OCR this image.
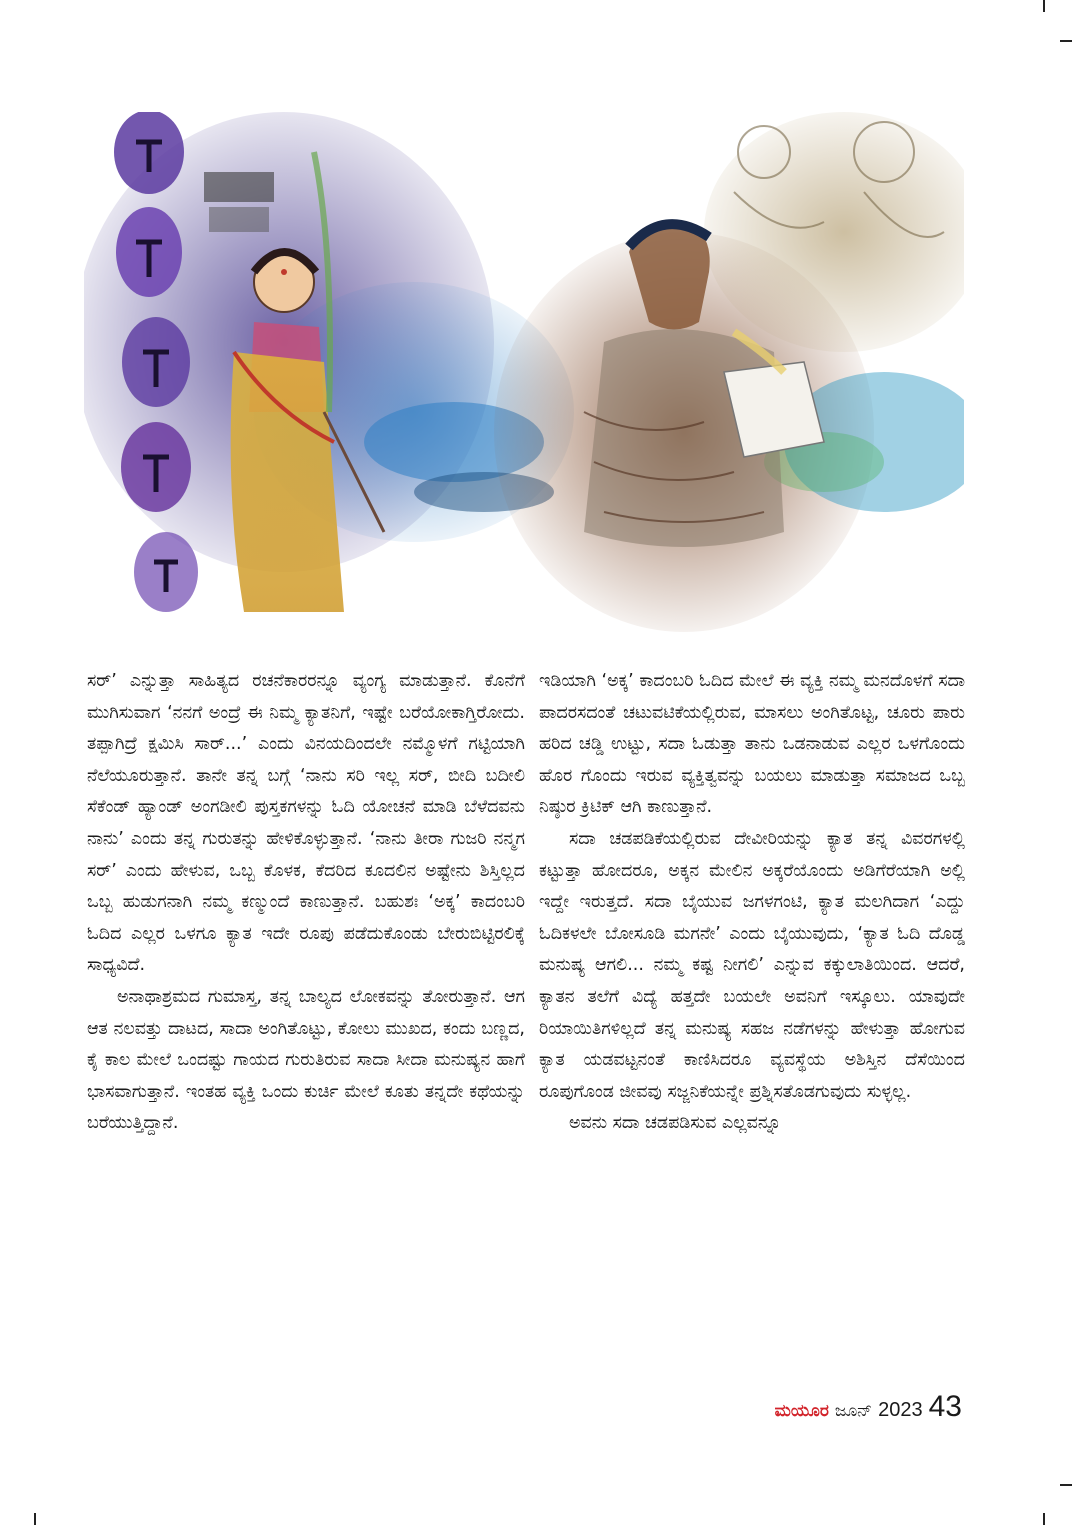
ಸರ್’ ಎನ್ನುತ್ತಾ ಸಾಹಿತ್ಯದ ರಚನೆಕಾರರನ್ನೂ ವ್ಯಂಗ್ಯ ಮಾಡುತ್ತಾನೆ. ಕೊನೆಗೆ ಮುಗಿಸುವಾಗ ‘ನನಗೆ ಅಂದ್ರೆ ಈ ನಿಮ್ಮ ಕ್ಯಾತನಿಗೆ, ಇಷ್ಟೇ ಬರೆಯೋಕಾಗ್ತಿರೋದು. ತಪ್ಪಾಗಿದ್ರೆ ಕ್ಷಮಿಸಿ ಸಾರ್...’ ಎಂದು ವಿನಯದಿಂದಲೇ ನಮ್ಮೊಳಗೆ ಗಟ್ಟಿಯಾಗಿ ನೆಲೆಯೂರುತ್ತಾನೆ. ತಾನೇ ತನ್ನ ಬಗ್ಗೆ ‘ನಾನು ಸರಿ ಇಲ್ಲ ಸರ್, ಬೀದಿ ಬದೀಲಿ ಸೆಕೆಂಡ್ ಹ್ಯಾಂಡ್ ಅಂಗಡೀಲಿ ಪುಸ್ತಕಗಳನ್ನು ಓದಿ ಯೋಚನೆ ಮಾಡಿ ಬೆಳೆದವನು ನಾನು’ ಎಂದು ತನ್ನ ಗುರುತನ್ನು ಹೇಳಿಕೊಳ್ಳುತ್ತಾನೆ. ‘ನಾನು ತೀರಾ ಗುಜರಿ ನನ್ಮಗ ಸರ್’ ಎಂದು ಹೇಳುವ, ಒಬ್ಬ ಕೊಳಕ, ಕೆದರಿದ ಕೂದಲಿನ ಅಷ್ಟೇನು ಶಿಸ್ತಿಲ್ಲದ ಒಬ್ಬ ಹುಡುಗನಾಗಿ ನಮ್ಮ ಕಣ್ಮುಂದೆ ಕಾಣುತ್ತಾನೆ. ಬಹುಶಃ ‘ಅಕ್ಕ’ ಕಾದಂಬರಿ ಓದಿದ ಎಲ್ಲರ ಒಳಗೂ ಕ್ಯಾತ ಇದೇ ರೂಪು ಪಡೆದುಕೊಂಡು ಬೇರುಬಿಟ್ಟಿರಲಿಕ್ಕೆ ಸಾಧ್ಯವಿದೆ.

ಅನಾಥಾಶ್ರಮದ ಗುಮಾಸ್ತ, ತನ್ನ ಬಾಲ್ಯದ ಲೋಕವನ್ನು ತೋರುತ್ತಾನೆ. ಆಗ ಆತ ನಲವತ್ತು ದಾಟದ, ಸಾದಾ ಅಂಗಿತೊಟ್ಟು, ಕೋಲು ಮುಖದ, ಕಂದು ಬಣ್ಣದ, ಕೈ ಕಾಲ ಮೇಲೆ ಒಂದಷ್ಟು ಗಾಯದ ಗುರುತಿರುವ ಸಾದಾ ಸೀದಾ ಮನುಷ್ಯನ ಹಾಗೆ ಭಾಸವಾಗುತ್ತಾನೆ. ಇಂತಹ ವ್ಯಕ್ತಿ ಒಂದು ಕುರ್ಚಿ ಮೇಲೆ ಕೂತು ತನ್ನದೇ ಕಥೆಯನ್ನು ಬರೆಯುತ್ತಿದ್ದಾನೆ.

ಇಡಿಯಾಗಿ ‘ಅಕ್ಕ’ ಕಾದಂಬರಿ ಓದಿದ ಮೇಲೆ ಈ ವ್ಯಕ್ತಿ ನಮ್ಮ ಮನದೊಳಗೆ ಸದಾ ಪಾದರಸದಂತೆ ಚಟುವಟಿಕೆಯಲ್ಲಿರುವ, ಮಾಸಲು ಅಂಗಿತೊಟ್ಟ, ಚೂರು ಪಾರು ಹರಿದ ಚಡ್ಡಿ ಉಟ್ಟು, ಸದಾ ಓಡುತ್ತಾ ತಾನು ಒಡನಾಡುವ ಎಲ್ಲರ ಒಳಗೊಂದು ಹೊರ ಗೊಂದು ಇರುವ ವ್ಯಕ್ತಿತ್ವವನ್ನು ಬಯಲು ಮಾಡುತ್ತಾ ಸಮಾಜದ ಒಬ್ಬ ನಿಷ್ಠುರ ಕ್ರಿಟಿಕ್ ಆಗಿ ಕಾಣುತ್ತಾನೆ.

ಸದಾ ಚಡಪಡಿಕೆಯಲ್ಲಿರುವ ದೇವೀರಿಯನ್ನು ಕ್ಯಾತ ತನ್ನ ವಿವರಗಳಲ್ಲಿ ಕಟ್ಟುತ್ತಾ ಹೋದರೂ, ಅಕ್ಕನ ಮೇಲಿನ ಅಕ್ಕರೆಯೊಂದು ಅಡಿಗೆರೆಯಾಗಿ ಅಲ್ಲಿ ಇದ್ದೇ ಇರುತ್ತದೆ. ಸದಾ ಬೈಯುವ ಜಗಳಗಂಟಿ, ಕ್ಯಾತ ಮಲಗಿದಾಗ ‘ಎದ್ದು ಓದಿಕಳಲೇ ಬೋಸೂಡಿ ಮಗನೇ’ ಎಂದು ಬೈಯುವುದು, ‘ಕ್ಯಾತ ಓದಿ ದೊಡ್ಡ ಮನುಷ್ಯ ಆಗಲಿ... ನಮ್ಮ ಕಷ್ಟ ನೀಗಲಿ’ ಎನ್ನುವ ಕಕ್ಕುಲಾತಿಯಿಂದ. ಆದರೆ, ಕ್ಯಾತನ ತಲೆಗೆ ವಿದ್ಯೆ ಹತ್ತದೇ ಬಯಲೇ ಅವನಿಗೆ ಇಸ್ಕೂಲು. ಯಾವುದೇ ರಿಯಾಯಿತಿಗಳಿಲ್ಲದೆ ತನ್ನ ಮನುಷ್ಯ ಸಹಜ ನಡೆಗಳನ್ನು ಹೇಳುತ್ತಾ ಹೋಗುವ ಕ್ಯಾತ ಯಡವಟ್ಟನಂತೆ ಕಾಣಿಸಿದರೂ ವ್ಯವಸ್ಥೆಯ ಅಶಿಸ್ತಿನ ದೆಸೆಯಿಂದ ರೂಪುಗೊಂಡ ಜೀವವು ಸಜ್ಜನಿಕೆಯನ್ನೇ ಪ್ರಶ್ನಿಸತೊಡಗುವುದು ಸುಳ್ಳಲ್ಲ.

ಅವನು ಸದಾ ಚಡಪಡಿಸುವ ಎಲ್ಲವನ್ನೂ

ಮಯೂರ ಜೂನ್ 2023 43
